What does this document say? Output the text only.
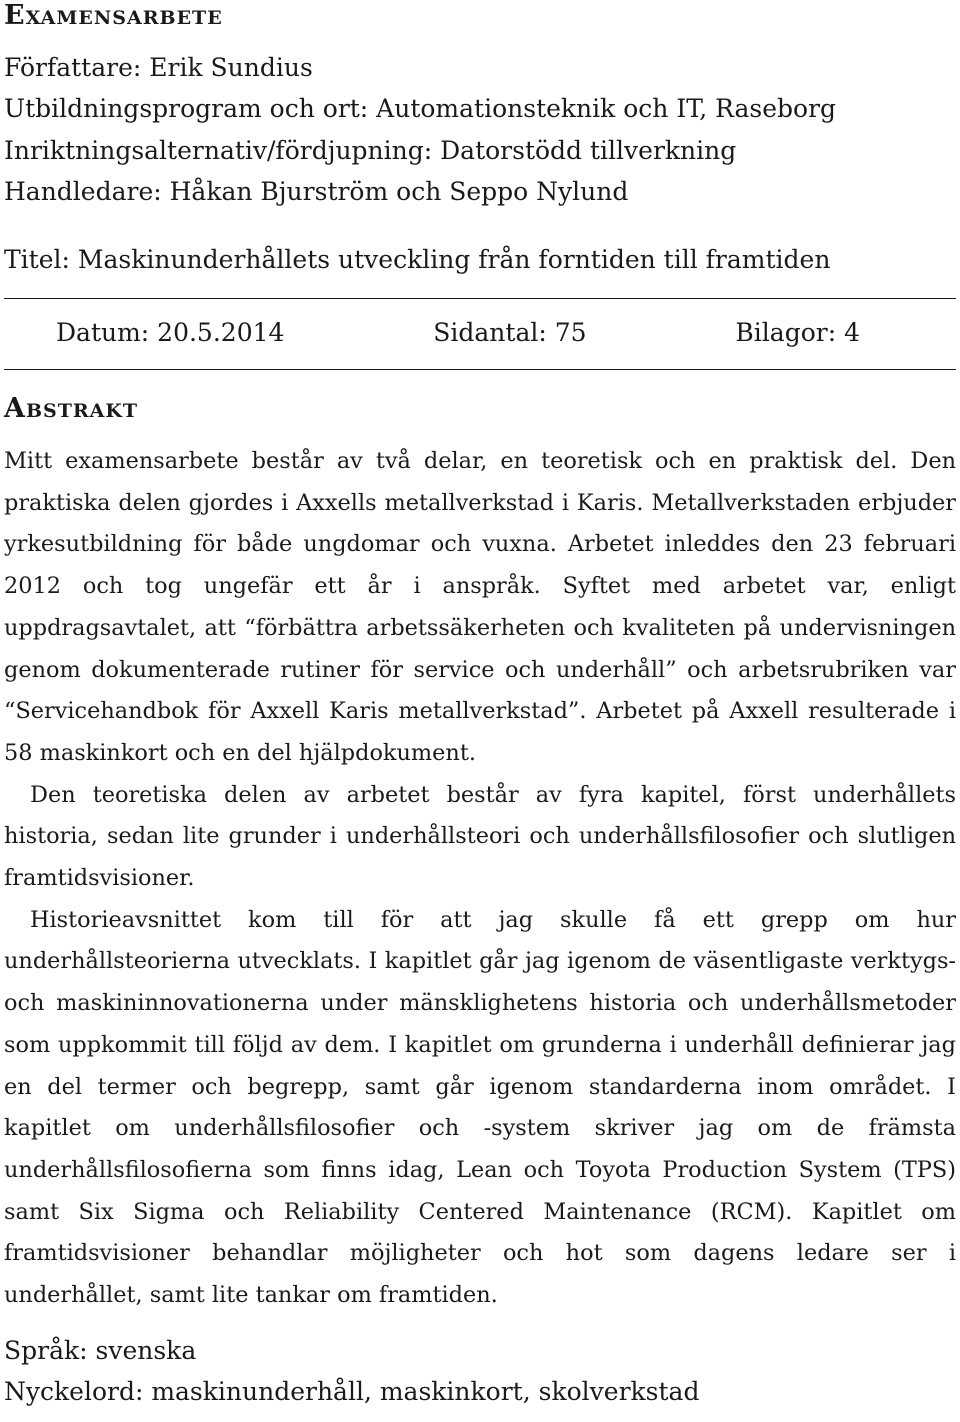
Examensarbete

Författare: Erik Sundius

Utbildningsprogram och ort: Automationsteknik och IT, Raseborg

Inriktningsalternativ/fördjupning: Datorstödd tillverkning

Handledare: Håkan Bjurström och Seppo Nylund

Titel: Maskinunderhållets utveckling från forntiden till framtiden

Datum: 20.5.2014	Sidantal: 75	Bilagor: 4
Abstrakt

Mitt examensarbete består av två delar, en teoretisk och en praktisk del. Den praktiska delen gjordes i Axxells metallverkstad i Karis. Metallverkstaden erbjuder yrkesutbildning för både ungdomar och vuxna. Arbetet inleddes den 23 februari 2012 och tog ungefär ett år i anspråk. Syftet med arbetet var, enligt uppdragsavtalet, att “förbättra arbetssäkerheten och kvaliteten på undervisningen genom dokumenterade rutiner för service och underhåll” och arbetsrubriken var “Servicehandbok för Axxell Karis metallverkstad”. Arbetet på Axxell resulterade i 58 maskinkort och en del hjälpdokument.

Den teoretiska delen av arbetet består av fyra kapitel, först underhållets historia, sedan lite grunder i underhållsteori och underhållsfilosofier och slutligen framtidsvisioner.

Historieavsnittet kom till för att jag skulle få ett grepp om hur underhållsteorierna utvecklats. I kapitlet går jag igenom de väsentligaste verktygs- och maskininnovationerna under mänsklighetens historia och underhållsmetoder som uppkommit till följd av dem. I kapitlet om grunderna i underhåll definierar jag en del termer och begrepp, samt går igenom standarderna inom området. I kapitlet om underhållsfilosofier och -system skriver jag om de främsta underhållsfilosofierna som finns idag, Lean och Toyota Production System (TPS) samt Six Sigma och Reliability Centered Maintenance (RCM). Kapitlet om framtidsvisioner behandlar möjligheter och hot som dagens ledare ser i underhållet, samt lite tankar om framtiden.

Språk: svenska

Nyckelord: maskinunderhåll, maskinkort, skolverkstad
